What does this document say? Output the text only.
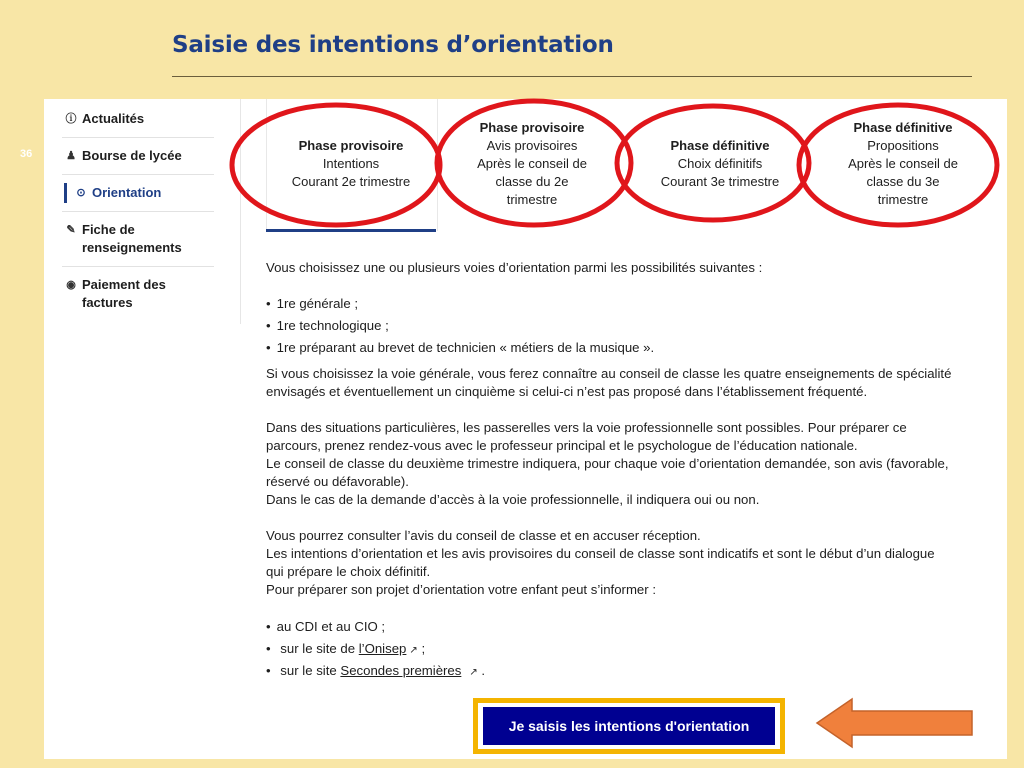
Saisie des intentions d’orientation
36
ⓘ Actualités
♟ Bourse de lycée
⊙ Orientation
✎ Fiche de renseignements
◉ Paiement des factures
Phase provisoire
Intentions
Courant 2e trimestre
Phase provisoire
Avis provisoires
Après le conseil de
classe du 2e
trimestre
Phase définitive
Choix définitifs
Courant 3e trimestre
Phase définitive
Propositions
Après le conseil de
classe du 3e
trimestre
Vous choisissez une ou plusieurs voies d’orientation parmi les possibilités suivantes :
• 1re générale ;
• 1re technologique ;
• 1re préparant au brevet de technicien « métiers de la musique ».
Si vous choisissez la voie générale, vous ferez connaître au conseil de classe les quatre enseignements de spécialité
envisagés et éventuellement un cinquième si celui-ci n’est pas proposé dans l’établissement fréquenté.
Dans des situations particulières, les passerelles vers la voie professionnelle sont possibles. Pour préparer ce
parcours, prenez rendez-vous avec le professeur principal et le psychologue de l’éducation nationale.
Le conseil de classe du deuxième trimestre indiquera, pour chaque voie d’orientation demandée, son avis (favorable,
réservé ou défavorable).
Dans le cas de la demande d’accès à la voie professionnelle, il indiquera oui ou non.
Vous pourrez consulter l’avis du conseil de classe et en accuser réception.
Les intentions d’orientation et les avis provisoires du conseil de classe sont indicatifs et sont le début d’un dialogue
qui prépare le choix définitif.
Pour préparer son projet d’orientation votre enfant peut s’informer :
• au CDI et au CIO ;
• sur le site de l’Onisep ↗ ;
• sur le site Secondes premières ↗ .
Je saisis les intentions d'orientation
